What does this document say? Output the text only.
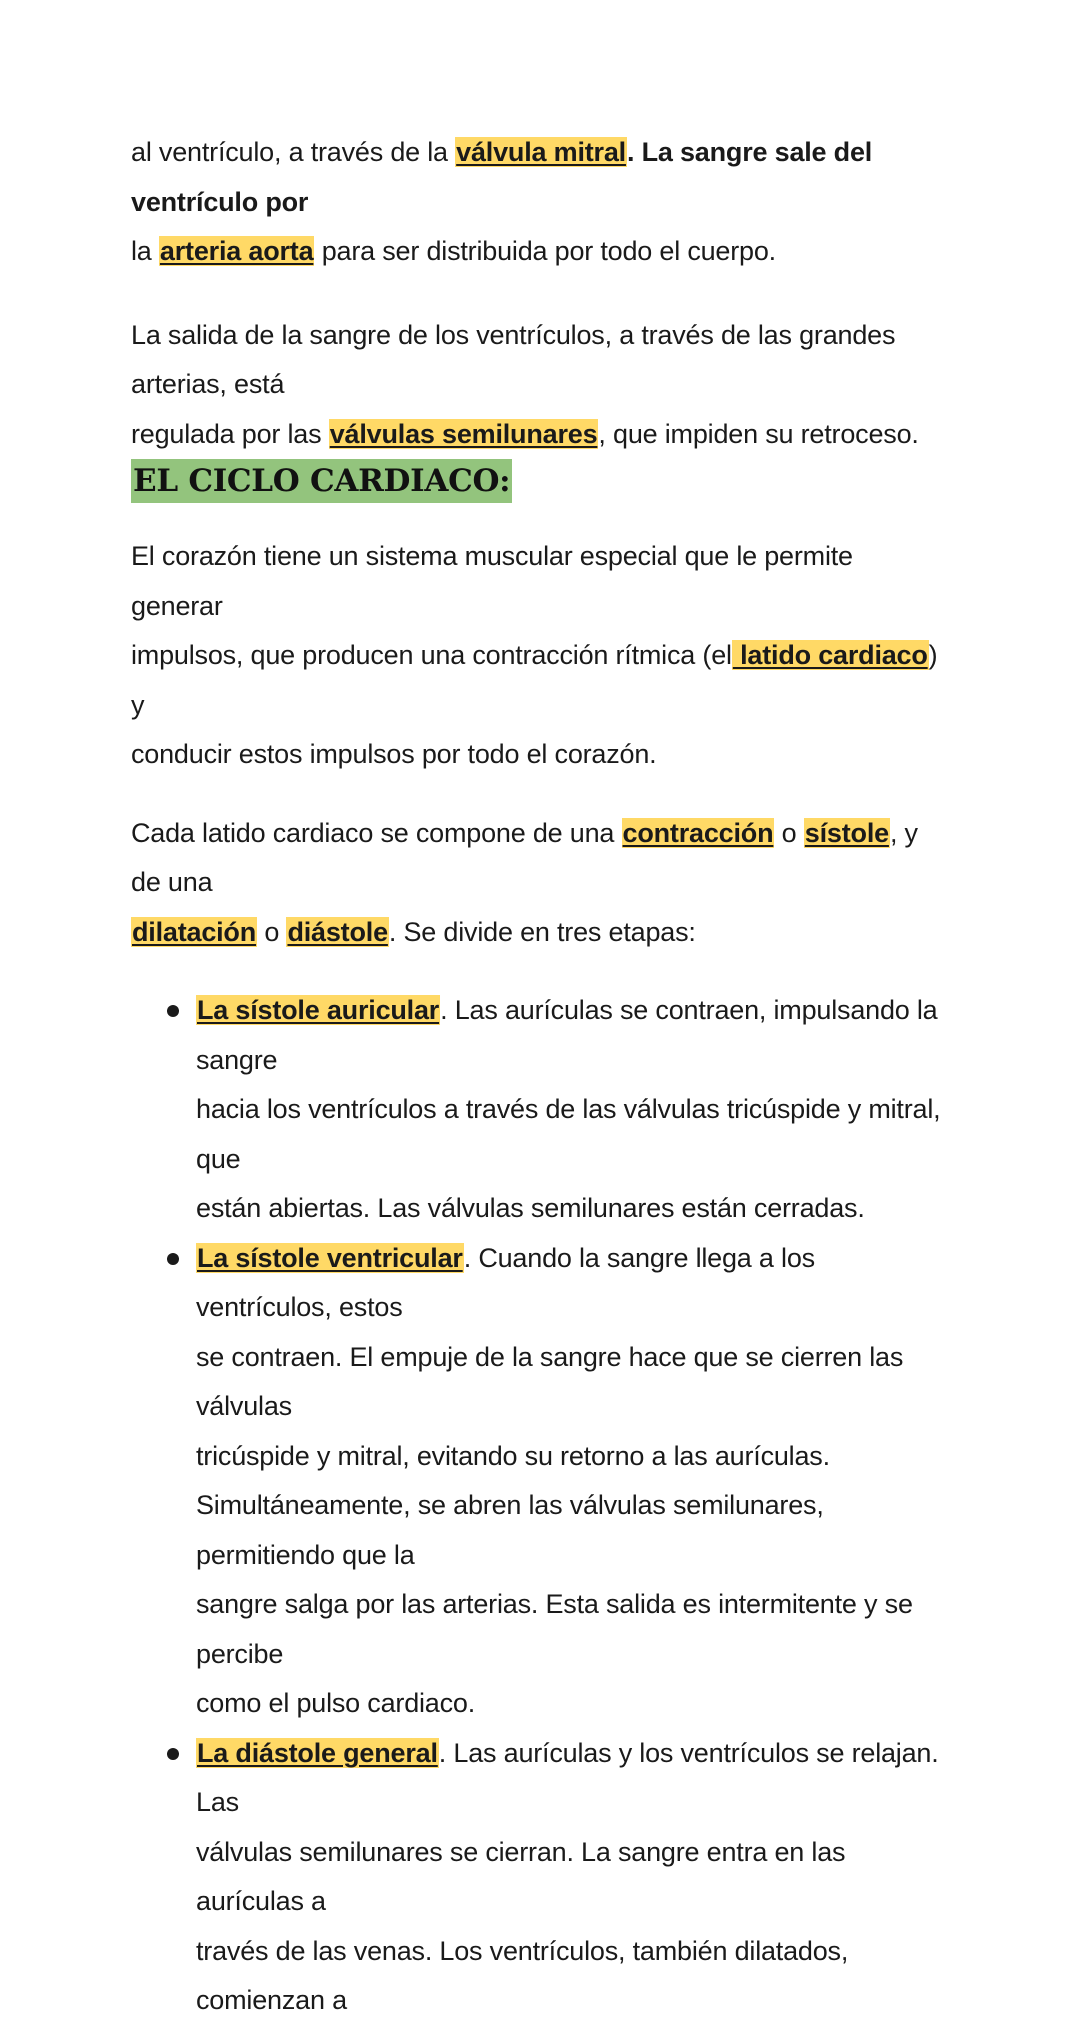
al ventrículo, a través de la válvula mitral. La sangre sale del ventrículo por
la arteria aorta para ser distribuida por todo el cuerpo.

La salida de la sangre de los ventrículos, a través de las grandes arterias, está
regulada por las válvulas semilunares, que impiden su retroceso.

EL CICLO CARDIACO:

El corazón tiene un sistema muscular especial que le permite generar
impulsos, que producen una contracción rítmica (el latido cardiaco) y
conducir estos impulsos por todo el corazón.

Cada latido cardiaco se compone de una contracción o sístole, y de una
dilatación o diástole. Se divide en tres etapas:

La sístole auricular. Las aurículas se contraen, impulsando la sangre
hacia los ventrículos a través de las válvulas tricúspide y mitral, que
están abiertas. Las válvulas semilunares están cerradas.
La sístole ventricular. Cuando la sangre llega a los ventrículos, estos
se contraen. El empuje de la sangre hace que se cierren las válvulas
tricúspide y mitral, evitando su retorno a las aurículas.
Simultáneamente, se abren las válvulas semilunares, permitiendo que la
sangre salga por las arterias. Esta salida es intermitente y se percibe
como el pulso cardiaco.
La diástole general. Las aurículas y los ventrículos se relajan. Las
válvulas semilunares se cierran. La sangre entra en las aurículas a
través de las venas. Los ventrículos, también dilatados, comienzan a
